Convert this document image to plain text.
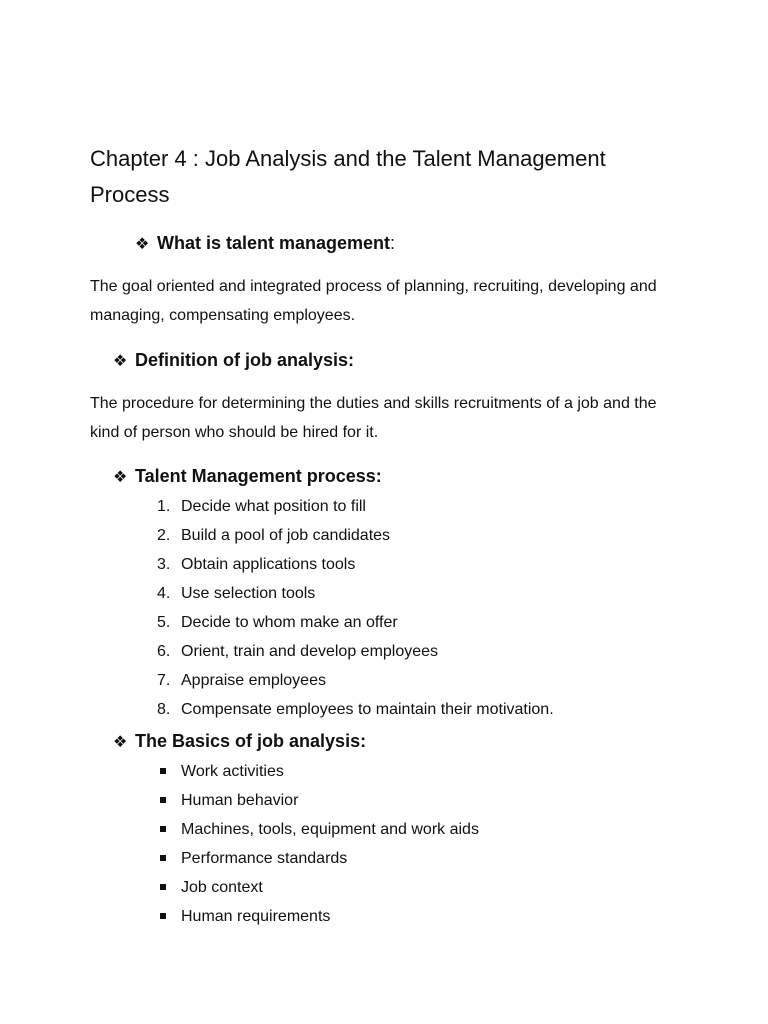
Chapter 4 : Job Analysis and the Talent Management Process
❖ What is talent management:

The goal oriented and integrated process of planning, recruiting, developing and managing, compensating employees.

❖ Definition of job analysis:

The procedure for determining the duties and skills recruitments of a job and the kind of person who should be hired for it.

❖ Talent Management process:
1. Decide what position to fill
2. Build a pool of job candidates
3. Obtain applications tools
4. Use selection tools
5. Decide to whom make an offer
6. Orient, train and develop employees
7. Appraise employees
8. Compensate employees to maintain their motivation.
❖ The Basics of job analysis:
Work activities
Human behavior
Machines, tools, equipment and work aids
Performance standards
Job context
Human requirements
